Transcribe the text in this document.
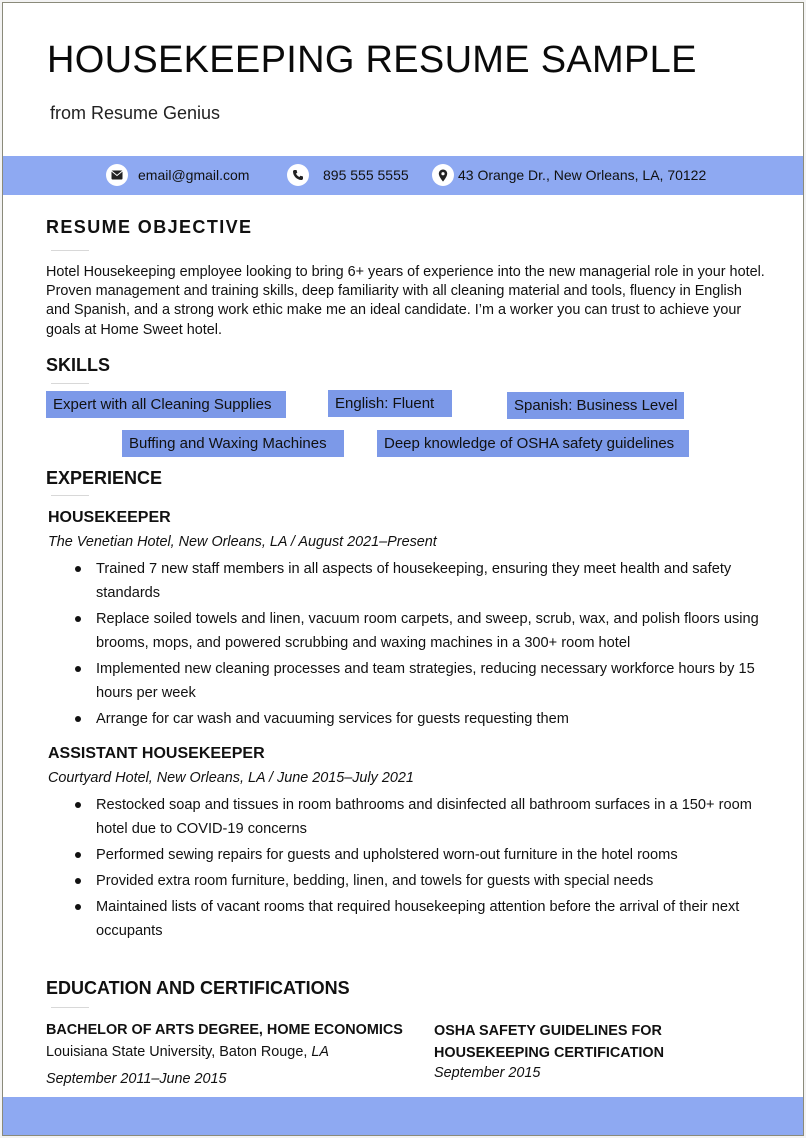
HOUSEKEEPING RESUME SAMPLE
from Resume Genius
email@gmail.com	895 555 5555	43 Orange Dr., New Orleans, LA, 70122
RESUME OBJECTIVE
Hotel Housekeeping employee looking to bring 6+ years of experience into the new managerial role in your hotel. Proven management and training skills, deep familiarity with all cleaning material and tools, fluency in English and Spanish, and a strong work ethic make me an ideal candidate. I’m a worker you can trust to achieve your goals at Home Sweet hotel.
SKILLS
Expert with all Cleaning Supplies	English: Fluent	Spanish: Business Level
Buffing and Waxing Machines	Deep knowledge of OSHA safety guidelines
EXPERIENCE
HOUSEKEEPER
The Venetian Hotel, New Orleans, LA / August 2021–Present
Trained 7 new staff members in all aspects of housekeeping, ensuring they meet health and safety standards
Replace soiled towels and linen, vacuum room carpets, and sweep, scrub, wax, and polish floors using brooms, mops, and powered scrubbing and waxing machines in a 300+ room hotel
Implemented new cleaning processes and team strategies, reducing necessary workforce hours by 15 hours per week
Arrange for car wash and vacuuming services for guests requesting them
ASSISTANT HOUSEKEEPER
Courtyard Hotel, New Orleans, LA / June 2015–July 2021
Restocked soap and tissues in room bathrooms and disinfected all bathroom surfaces in a 150+ room hotel due to COVID-19 concerns
Performed sewing repairs for guests and upholstered worn-out furniture in the hotel rooms
Provided extra room furniture, bedding, linen, and towels for guests with special needs
Maintained lists of vacant rooms that required housekeeping attention before the arrival of their next occupants
EDUCATION AND CERTIFICATIONS
BACHELOR OF ARTS DEGREE, HOME ECONOMICS
Louisiana State University, Baton Rouge, LA
September 2011–June 2015
OSHA SAFETY GUIDELINES FOR HOUSEKEEPING CERTIFICATION
September 2015
